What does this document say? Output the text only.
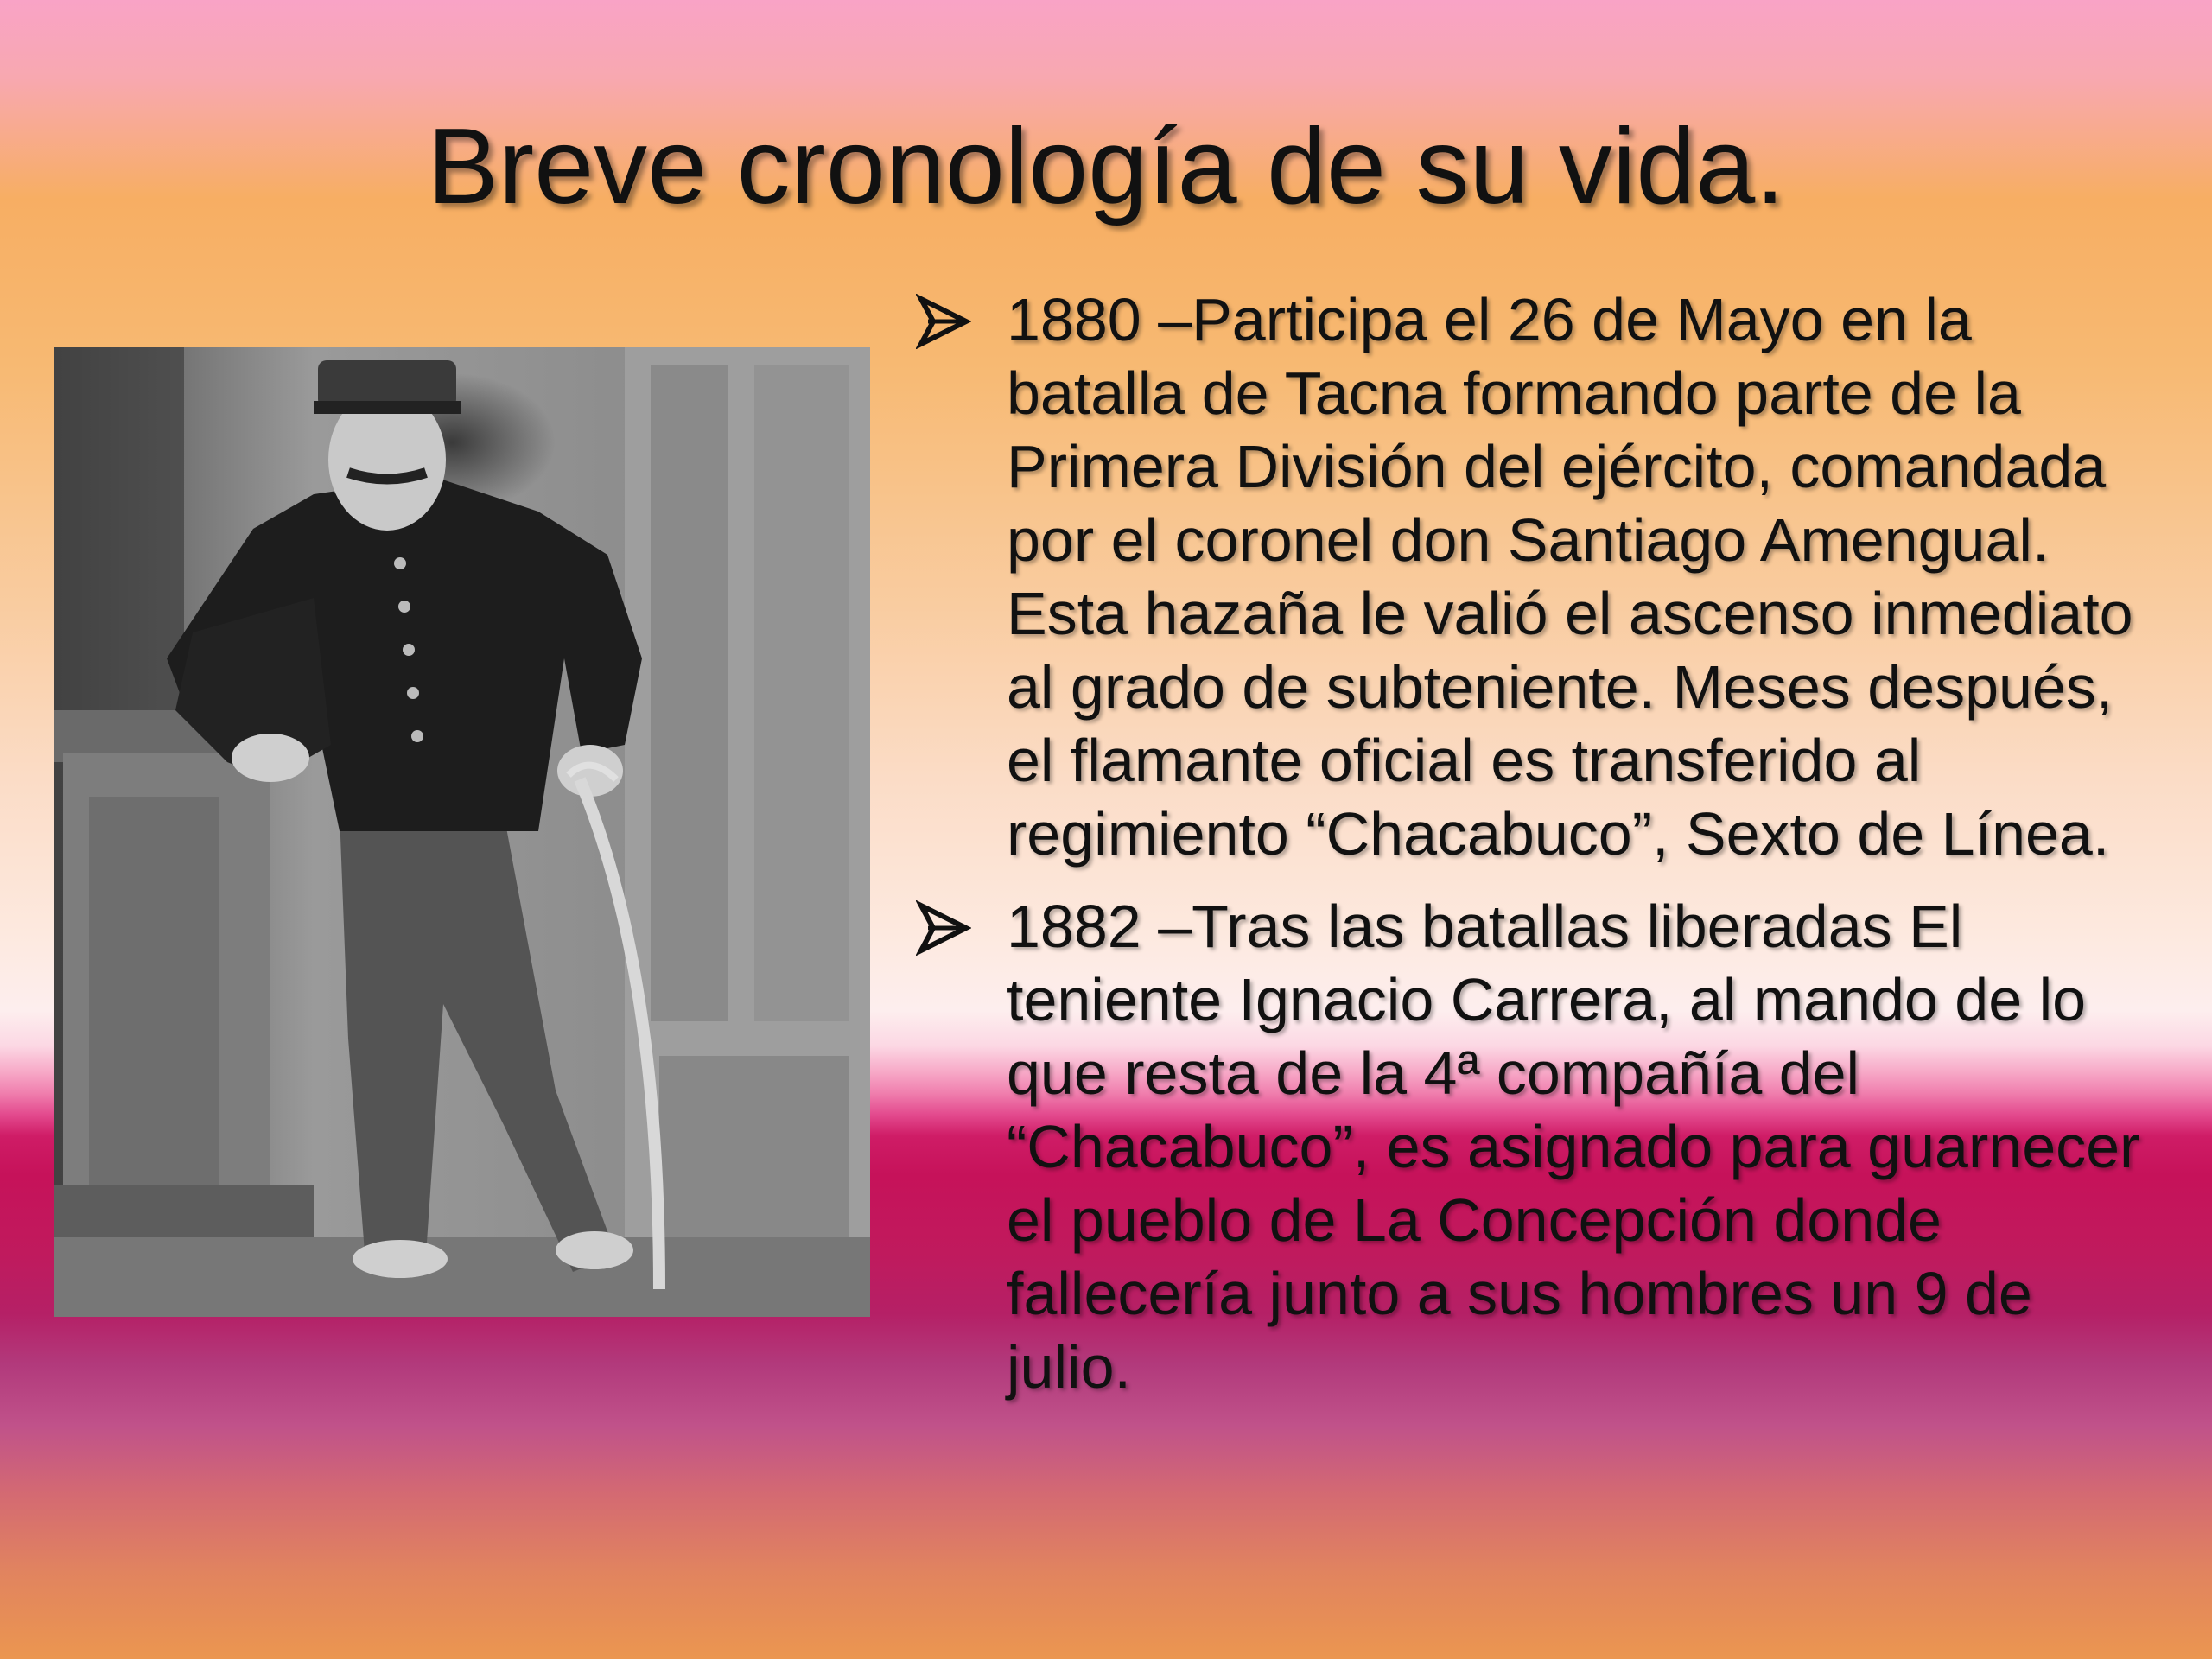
Breve cronología de su vida.
1880 –Participa el 26 de Mayo en la batalla de Tacna formando parte de la Primera División del ejército, comandada por el coronel don Santiago Amengual. Esta hazaña le valió el ascenso inmediato al grado de subteniente. Meses después, el flamante oficial es transferido al regimiento “Chacabuco”, Sexto de Línea.
1882 –Tras las batallas liberadas El teniente Ignacio Carrera, al mando de lo que resta de la 4ª compañía del “Chacabuco”, es asignado para guarnecer el pueblo de La Concepción donde fallecería junto a sus hombres un 9 de julio.
